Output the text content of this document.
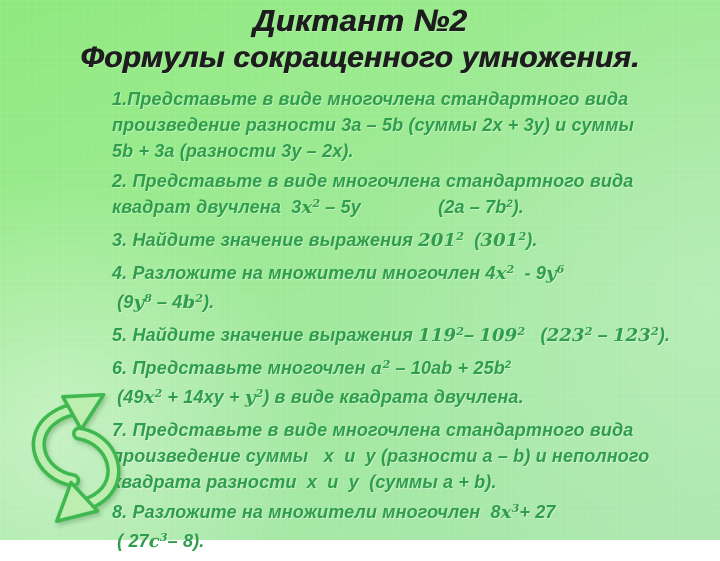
Диктант №2
Формулы сокращенного умножения.
1.Представьте в виде многочлена стандартного вида
произведение разности 3a – 5b (суммы 2x + 3y) и суммы
5b + 3a (разности 3y – 2x).
2. Представьте в виде многочлена стандартного вида
квадрат двучлена  $3x^2 - 5y$	$(2a - 7b^2)$.
3. Найдите значение выражения $201^2$  $(301^2)$.
4. Разложите на множители многочлен $4x^2 - 9y^6$
$(9y^8 - 4b^2)$.
5. Найдите значение выражения $119^2-$ $109^2$   $(223^2 - 123^2)$.
6. Представьте многочлен $a^2 - 10ab + 25b^2$
$(49x^2 + 14xy + y^2)$ в виде квадрата двучлена.
7. Представьте в виде многочлена стандартного вида
произведение суммы   x  и  y (разности a – b) и неполного
квадрата разности  x  и  y  (суммы a + b).
8. Разложите на множители многочлен  $8x^3+ 27$
( $27c^3-$ 8).
